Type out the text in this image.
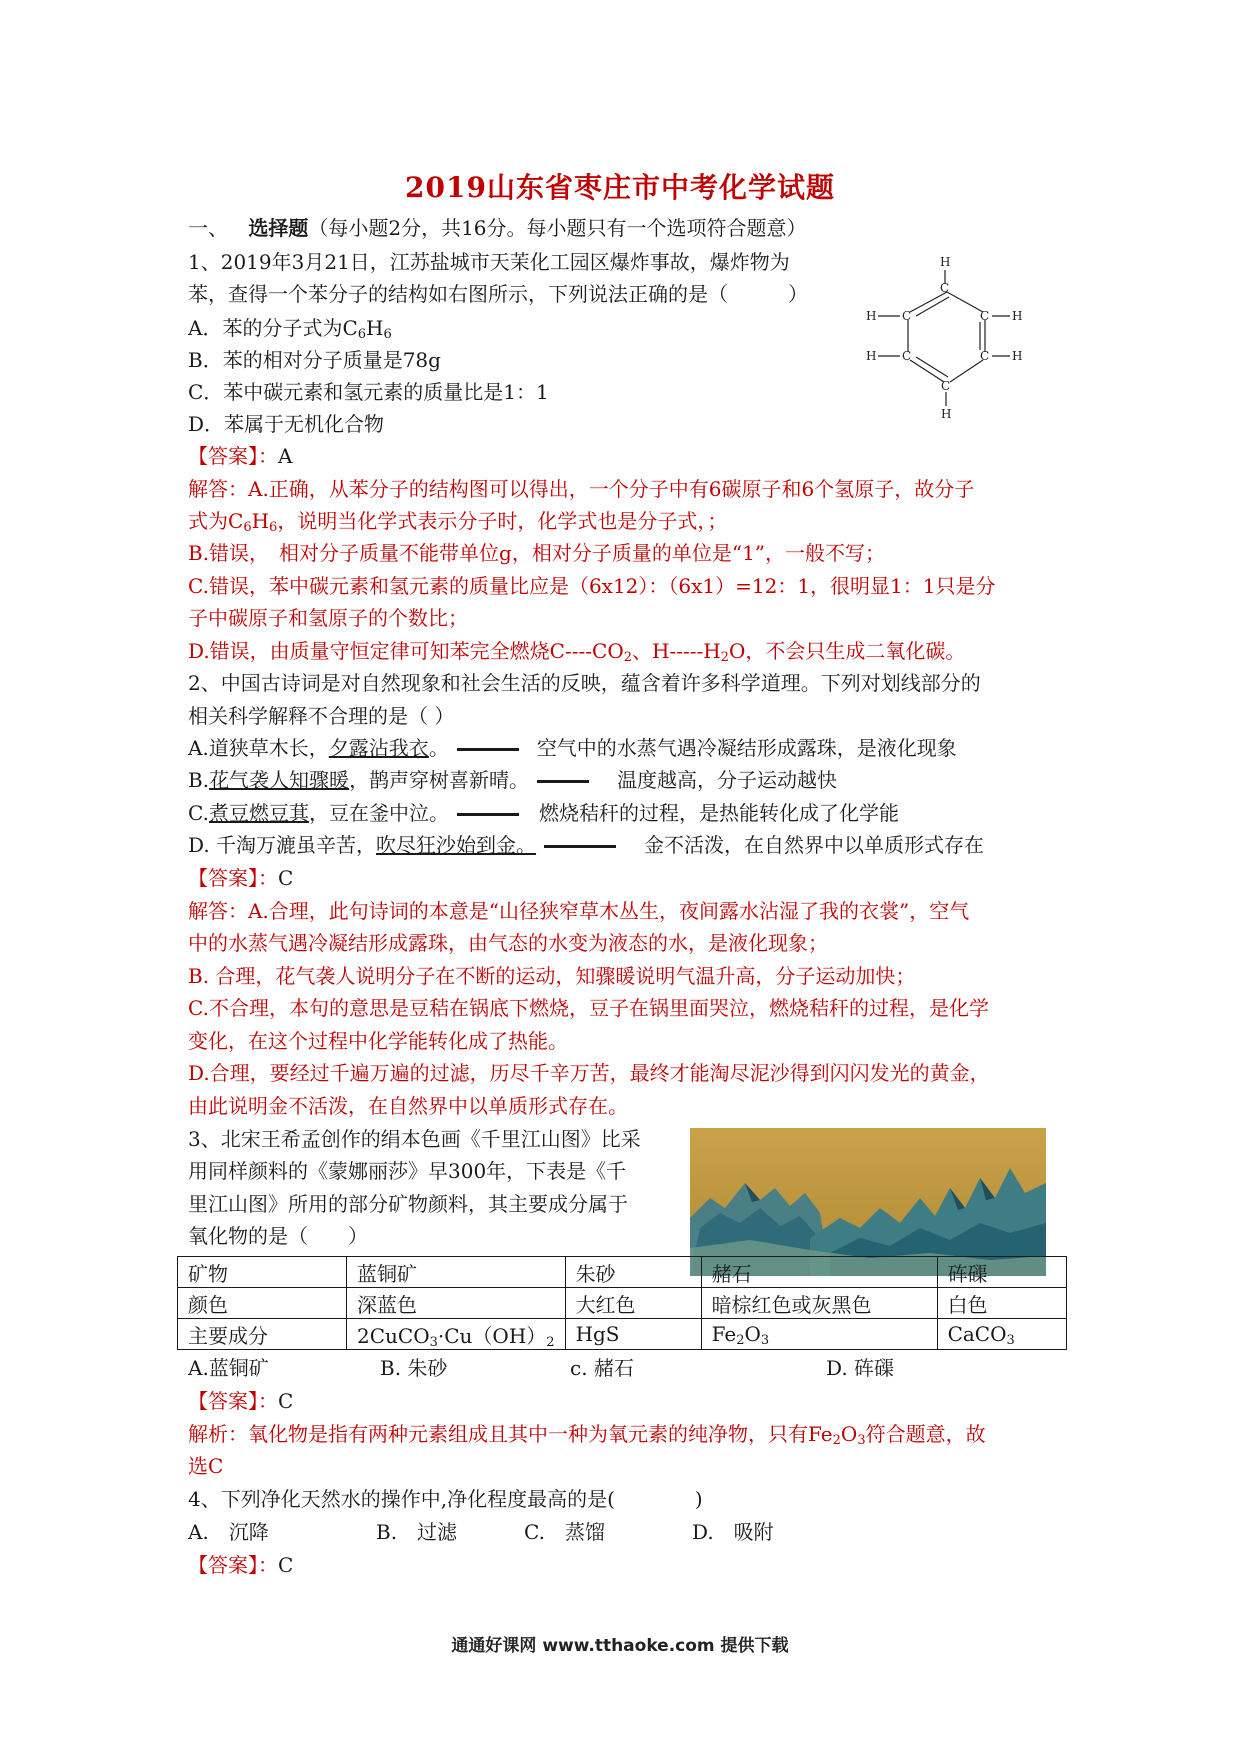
2019山东省枣庄市中考化学试题
一、 选择题（每小题2分，共16分。每小题只有一个选项符合题意）
1、2019年3月21日，江苏盐城市天茉化工园区爆炸事故，爆炸物为
苯，查得一个苯分子的结构如右图所示，下列说法正确的是（　　　）
A．苯的分子式为$C_6H_6$
B．苯的相对分子质量是78g
C．苯中碳元素和氢元素的质量比是1：1
D．苯属于无机化合物
【答案】：A
解答：A.正确，从苯分子的结构图可以得出，一个分子中有6碳原子和6个氢原子，故分子
式为$C_6H_6$，说明当化学式表示分子时，化学式也是分子式，；
B.错误，　相对分子质量不能带单位g，相对分子质量的单位是“1”，一般不写；
C.错误，苯中碳元素和氢元素的质量比应是（6x12）：（6x1）=12：1，很明显1：1只是分
子中碳原子和氢原子的个数比；
D.错误，由质量守恒定律可知苯完全燃烧$C----CO_2$、$H-----H_2O$，不会只生成二氧化碳。
H
C
H C	C H
H C	C H
C
H
2、中国古诗词是对自然现象和社会生活的反映，蕴含着许多科学道理。下列对划线部分的
相关科学解释不合理的是（ ）
A.道狭草木长，夕露沾我衣。	空气中的水蒸气遇冷凝结形成露珠，是液化现象
B.花气袭人知骤暖，鹊声穿树喜新晴。	温度越高，分子运动越快
C.煮豆燃豆萁，豆在釜中泣。	燃烧秸秆的过程，是热能转化成了化学能
D. 千淘万漉虽辛苦，吹尽狂沙始到金。	金不活泼，在自然界中以单质形式存在
【答案】：C
解答：A.合理，此句诗词的本意是“山径狭窄草木丛生，夜间露水沾湿了我的衣裳”，空气
中的水蒸气遇冷凝结形成露珠，由气态的水变为液态的水，是液化现象；
B. 合理，花气袭人说明分子在不断的运动，知骤暖说明气温升高，分子运动加快；
C.不合理，本句的意思是豆秸在锅底下燃烧，豆子在锅里面哭泣，燃烧秸秆的过程，是化学
变化，在这个过程中化学能转化成了热能。
D.合理，要经过千遍万遍的过滤，历尽千辛万苦，最终才能淘尽泥沙得到闪闪发光的黄金，
由此说明金不活泼，在自然界中以单质形式存在。
3、北宋王希孟创作的绢本色画《千里江山图》比采
用同样颜料的《蒙娜丽莎》早300年，下表是《千
里江山图》所用的部分矿物颜料，其主要成分属于
氧化物的是（　　）
矿物	蓝铜矿	朱砂	赭石	砗磲
颜色	深蓝色	大红色	暗棕红色或灰黑色	白色
主要成分	$2CuCO_3\cdot Cu(OH)_2$	HgS	$Fe_2O_3$	CaCO$_3$
A.蓝铜矿	B. 朱砂	c. 赭石	D. 砗磲
【答案】：C
解析：氧化物是指有两种元素组成且其中一种为氧元素的纯净物，只有$Fe_2O_3$符合题意，故
选C
4、下列净化天然水的操作中,净化程度最高的是(　　　　)
A.　沉降	B.　过滤	C.　蒸馏	D.　吸附
【答案】：C
通通好课网 www.tthaoke.com 提供下载
